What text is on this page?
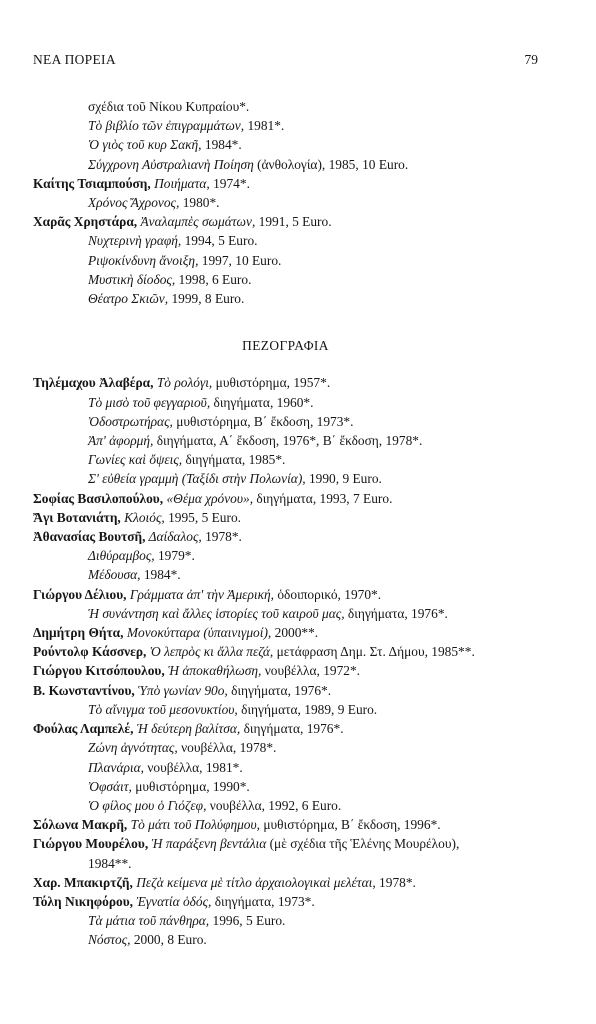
ΝΕΑ ΠΟΡΕΙΑ	79
σχέδια τοῦ Νίκου Κυπραίου*.
Τὸ βιβλίο τῶν ἐπιγραμμάτων, 1981*.
Ὁ γιὸς τοῦ κυρ Σακῆ, 1984*.
Σύγχρονη Αὐστραλιανὴ Ποίηση (ἀνθολογία), 1985, 10 Euro.
Καίτης Τσιαμπούση, Ποιήματα, 1974*.
Χρόνος Ἄχρονος, 1980*.
Χαρᾶς Χρηστάρα, Ἀναλαμπὲς σωμάτων, 1991, 5 Euro.
Νυχτερινὴ γραφή, 1994, 5 Euro.
Ριψοκίνδυνη ἄνοιξη, 1997, 10 Euro.
Μυστικὴ δίοδος, 1998, 6 Euro.
Θέατρο Σκιῶν, 1999, 8 Euro.
ΠΕΖΟΓΡΑΦΙΑ
Τηλέμαχου Ἀλαβέρα, Τὸ ρολόγι, μυθιστόρημα, 1957*.
Τὸ μισὸ τοῦ φεγγαριοῦ, διηγήματα, 1960*.
Ὀδοστρωτήρας, μυθιστόρημα, Β΄ ἔκδοση, 1973*.
Ἀπ' ἀφορμή, διηγήματα, Α΄ ἔκδοση, 1976*, Β΄ ἔκδοση, 1978*.
Γωνίες καὶ ὄψεις, διηγήματα, 1985*.
Σ' εὐθεία γραμμὴ (Ταξίδι στὴν Πολωνία), 1990, 9 Euro.
Σοφίας Βασιλοπούλου, «Θέμα χρόνου», διηγήματα, 1993, 7 Euro.
Ἄγι Βοτανιάτη, Κλοιός, 1995, 5 Euro.
Ἀθανασίας Βουτσῆ, Δαίδαλος, 1978*.
Διθύραμβος, 1979*.
Μέδουσα, 1984*.
Γιώργου Δέλιου, Γράμματα ἀπ' τὴν Ἀμερική, ὁδοιπορικό, 1970*.
Ἡ συνάντηση καὶ ἄλλες ἱστορίες τοῦ καιροῦ μας, διηγήματα, 1976*.
Δημήτρη Θήτα, Μονοκύτταρα (ὑπαινιγμοί), 2000**.
Ρούντολφ Κάσσνερ, Ὁ λεπρὸς κι ἄλλα πεζά, μετάφραση Δημ. Στ. Δήμου, 1985**.
Γιώργου Κιτσόπουλου, Ἡ ἀποκαθήλωση, νουβέλλα, 1972*.
Β. Κωνσταντίνου, Ὑπὸ γωνίαν 90ο, διηγήματα, 1976*.
Τὸ αἴνιγμα τοῦ μεσονυκτίου, διηγήματα, 1989, 9 Euro.
Φούλας Λαμπελέ, Ἡ δεύτερη βαλίτσα, διηγήματα, 1976*.
Ζώνη ἁγνότητας, νουβέλλα, 1978*.
Πλανάρια, νουβέλλα, 1981*.
Ὀφσάιτ, μυθιστόρημα, 1990*.
Ὁ φίλος μου ὁ Γιόζεφ, νουβέλλα, 1992, 6 Euro.
Σόλωνα Μακρῆ, Τὸ μάτι τοῦ Πολύφημου, μυθιστόρημα, Β΄ ἔκδοση, 1996*.
Γιώργου Μουρέλου, Ἡ παράξενη βεντάλια (μὲ σχέδια τῆς Ἑλένης Μουρέλου),
1984**.
Χαρ. Μπακιρτζῆ, Πεζὰ κείμενα μὲ τίτλο ἀρχαιολογικαὶ μελέται, 1978*.
Τόλη Νικηφόρου, Ἐγνατία ὁδός, διηγήματα, 1973*.
Τὰ μάτια τοῦ πάνθηρα, 1996, 5 Euro.
Νόστος, 2000, 8 Euro.
